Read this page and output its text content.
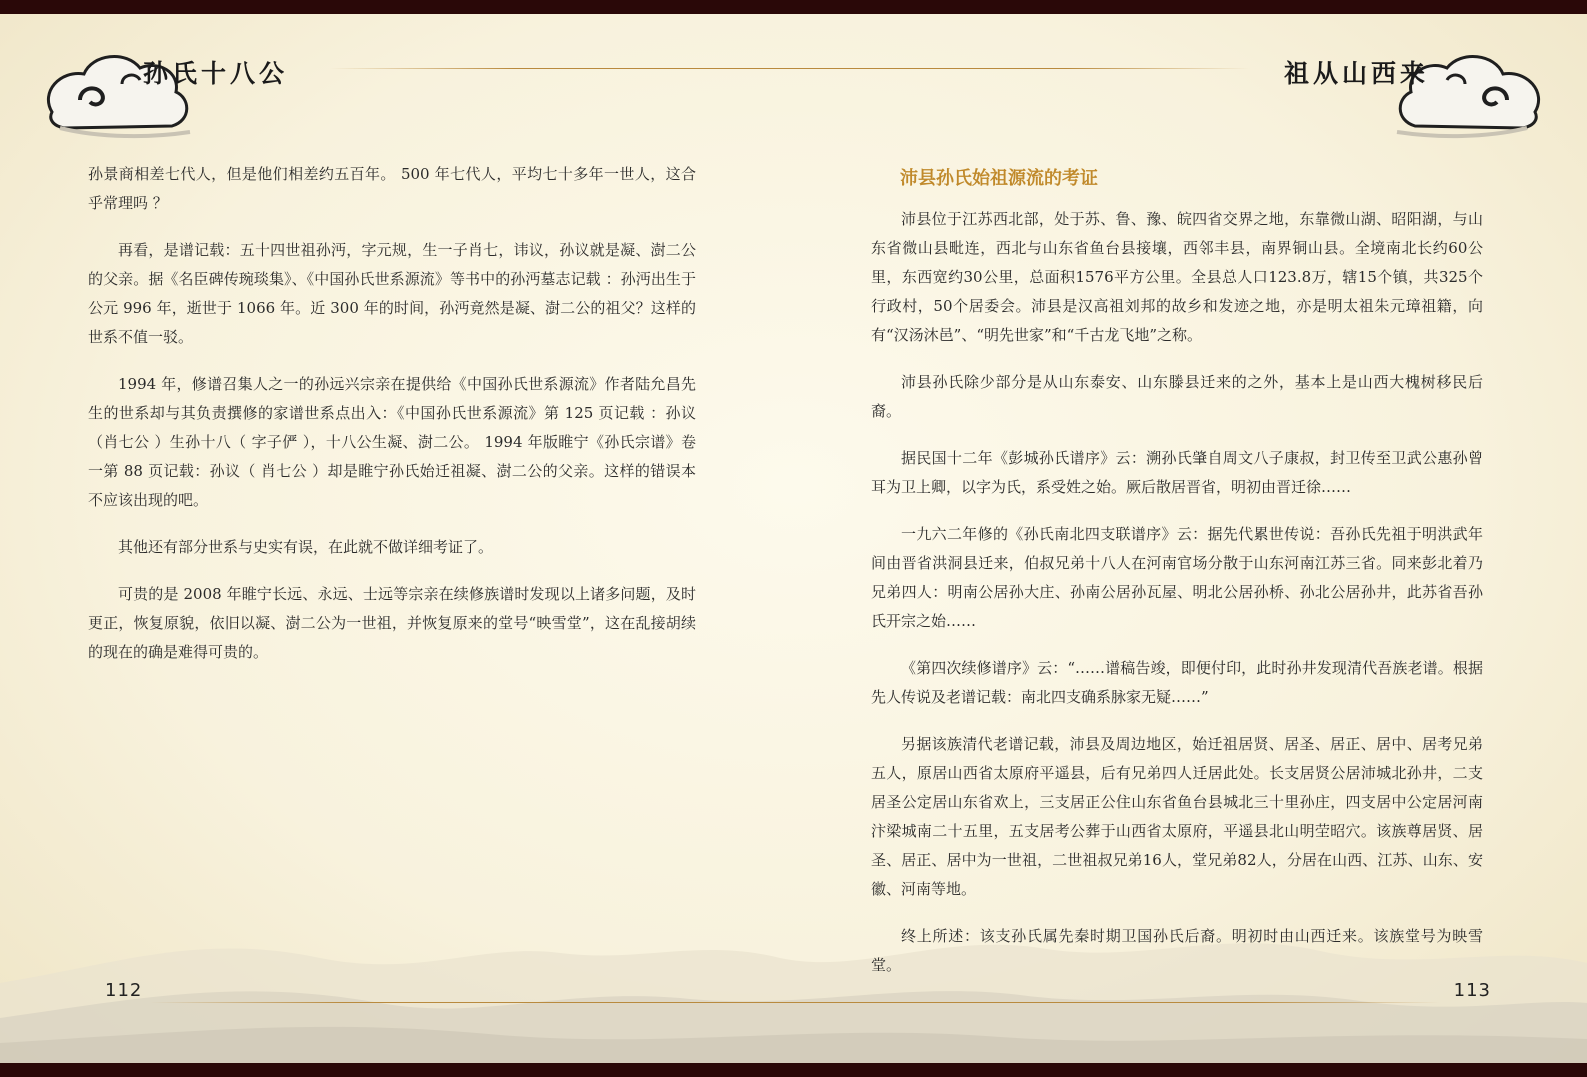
孙氏十八公	祖从山西来

孙景商相差七代人，但是他们相差约五百年。 500 年七代人，平均七十多年一世人，这合乎常理吗 ？

再看，是谱记载：五十四世祖孙沔，字元规，生一子肖七，讳议，孙议就是凝、澍二公的父亲。据《名臣碑传琬琰集》、《中国孙氏世系源流》等书中的孙沔墓志记载 ：孙沔出生于公元 996 年，逝世于 1066 年。近 300 年的时间，孙沔竟然是凝、澍二公的祖父？这样的世系不值一驳。

1994 年，修谱召集人之一的孙远兴宗亲在提供给《中国孙氏世系源流》作者陆允昌先生的世系却与其负责撰修的家谱世系点出入：《中国孙氏世系源流》第 125 页记载 ：孙议（肖七公 ）生孙十八（ 字子俨 ），十八公生凝、澍二公。 1994 年版睢宁《孙氏宗谱》卷一第 88 页记载：孙议（ 肖七公 ）却是睢宁孙氏始迁祖凝、澍二公的父亲。这样的错误本不应该出现的吧。

其他还有部分世系与史实有误，在此就不做详细考证了。

可贵的是 2008 年睢宁长远、永远、士远等宗亲在续修族谱时发现以上诸多问题，及时更正，恢复原貌，依旧以凝、澍二公为一世祖，并恢复原来的堂号“映雪堂”，这在乱接胡续的现在的确是难得可贵的。

沛县孙氏始祖源流的考证

沛县位于江苏西北部，处于苏、鲁、豫、皖四省交界之地，东靠微山湖、昭阳湖，与山东省微山县毗连，西北与山东省鱼台县接壤，西邻丰县，南界铜山县。全境南北长约60公里，东西宽约30公里，总面积1576平方公里。全县总人口123.8万，辖15个镇，共325个行政村，50个居委会。沛县是汉高祖刘邦的故乡和发迹之地，亦是明太祖朱元璋祖籍，向有“汉汤沐邑”、“明先世家”和“千古龙飞地”之称。

沛县孙氏除少部分是从山东泰安、山东滕县迁来的之外，基本上是山西大槐树移民后裔。

据民国十二年《彭城孙氏谱序》云：溯孙氏肇自周文八子康叔，封卫传至卫武公惠孙曾耳为卫上卿，以字为氏，系受姓之始。厥后散居晋省，明初由晋迁徐……

一九六二年修的《孙氏南北四支联谱序》云：据先代累世传说：吾孙氏先祖于明洪武年间由晋省洪洞县迁来，伯叔兄弟十八人在河南官场分散于山东河南江苏三省。同来彭北着乃兄弟四人：明南公居孙大庄、孙南公居孙瓦屋、明北公居孙桥、孙北公居孙井，此苏省吾孙氏开宗之始……

《第四次续修谱序》云：“……谱稿告竣，即便付印，此时孙井发现清代吾族老谱。根据先人传说及老谱记载：南北四支确系脉家无疑……”

另据该族清代老谱记载，沛县及周边地区，始迁祖居贤、居圣、居正、居中、居考兄弟五人，原居山西省太原府平遥县，后有兄弟四人迁居此处。长支居贤公居沛城北孙井，二支居圣公定居山东省欢上，三支居正公住山东省鱼台县城北三十里孙庄，四支居中公定居河南汴梁城南二十五里，五支居考公葬于山西省太原府，平遥县北山明茔昭穴。该族尊居贤、居圣、居正、居中为一世祖，二世祖叔兄弟16人，堂兄弟82人，分居在山西、江苏、山东、安徽、河南等地。

终上所述：该支孙氏属先秦时期卫国孙氏后裔。明初时由山西迁来。该族堂号为映雪堂。

112	113
